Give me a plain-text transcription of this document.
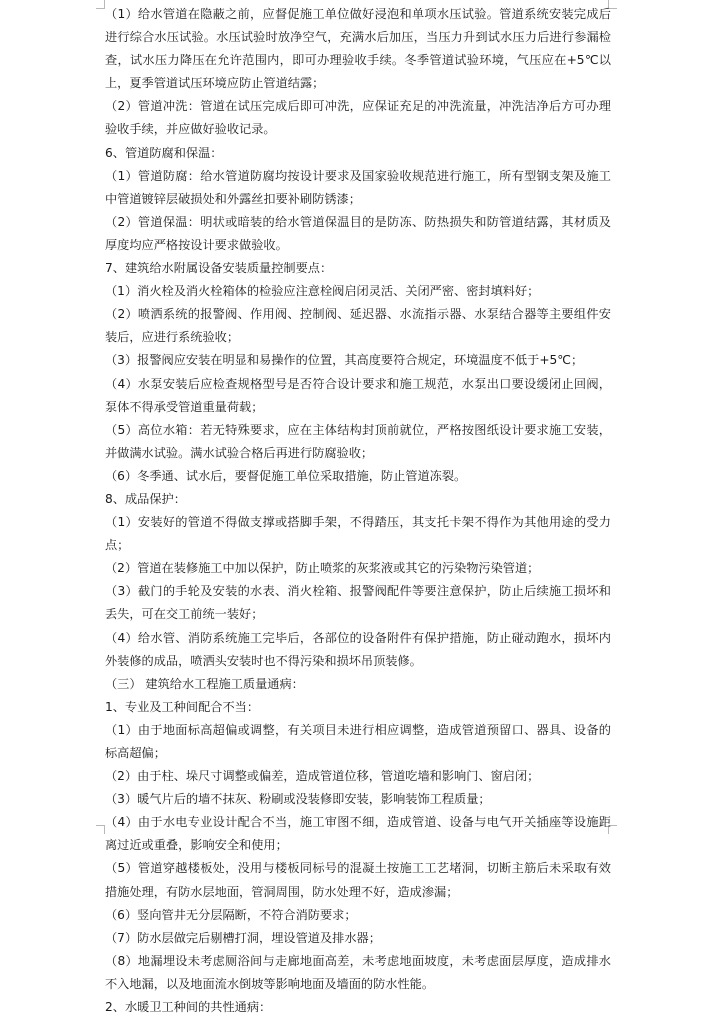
（1）给水管道在隐蔽之前，应督促施工单位做好浸泡和单项水压试验。管道系统安装完成后进行综合水压试验。水压试验时放净空气，充满水后加压，当压力升到试水压力后进行参漏检查，试水压力降压在允许范围内，即可办理验收手续。冬季管道试验环境，气压应在+5℃以上，夏季管道试压环境应防止管道结露；

（2）管道冲洗：管道在试压完成后即可冲洗，应保证充足的冲洗流量，冲洗洁净后方可办理验收手续，并应做好验收记录。

6、管道防腐和保温：

（1）管道防腐：给水管道防腐均按设计要求及国家验收规范进行施工，所有型钢支架及施工中管道镀锌层破损处和外露丝扣要补刷防锈漆；

（2）管道保温：明状或暗装的给水管道保温目的是防冻、防热损失和防管道结露，其材质及厚度均应严格按设计要求做验收。

7、建筑给水附属设备安装质量控制要点：

（1）消火栓及消火栓箱体的检验应注意栓阀启闭灵活、关闭严密、密封填料好；

（2）喷洒系统的报警阀、作用阀、控制阀、延迟器、水流指示器、水泵结合器等主要组件安装后，应进行系统验收；

（3）报警阀应安装在明显和易操作的位置，其高度要符合规定，环境温度不低于+5℃；

（4）水泵安装后应检查规格型号是否符合设计要求和施工规范，水泵出口要设缓闭止回阀，泵体不得承受管道重量荷载；

（5）高位水箱：若无特殊要求，应在主体结构封顶前就位，严格按图纸设计要求施工安装，并做满水试验。满水试验合格后再进行防腐验收；

（6）冬季通、试水后，要督促施工单位采取措施，防止管道冻裂。

8、成品保护：

（1）安装好的管道不得做支撑或搭脚手架，不得踏压，其支托卡架不得作为其他用途的受力点；

（2）管道在装修施工中加以保护，防止喷浆的灰浆液或其它的污染物污染管道；

（3）截门的手轮及安装的水表、消火栓箱、报警阀配件等要注意保护，防止后续施工损坏和丢失，可在交工前统一装好；

（4）给水管、消防系统施工完毕后，各部位的设备附件有保护措施，防止碰动跑水，损坏内外装修的成品，喷洒头安装时也不得污染和损坏吊顶装修。

（三） 建筑给水工程施工质量通病：

1、专业及工种间配合不当：

（1）由于地面标高超偏或调整，有关项目未进行相应调整，造成管道预留口、器具、设备的标高超偏；

（2）由于柱、垛尺寸调整或偏差，造成管道位移，管道吃墙和影响门、窗启闭；

（3）暖气片后的墙不抹灰、粉刷或没装修即安装，影响装饰工程质量；

（4）由于水电专业设计配合不当，施工审图不细，造成管道、设备与电气开关插座等设施距离过近或重叠，影响安全和使用；

（5）管道穿越楼板处，没用与楼板同标号的混凝土按施工工艺堵洞，切断主筋后未采取有效措施处理，有防水层地面，管洞周围，防水处理不好，造成渗漏；

（6）竖向管井无分层隔断，不符合消防要求；

（7）防水层做完后剔槽打洞，埋设管道及排水器；

（8）地漏埋设未考虑厕浴间与走廊地面高差，未考虑地面坡度，未考虑面层厚度，造成排水不入地漏，以及地面流水倒坡等影响地面及墙面的防水性能。

2、水暖卫工种间的共性通病：
